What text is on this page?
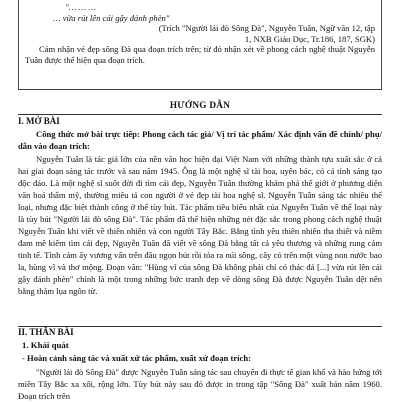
"… … …
… vừa rút lên cái gậy đánh phèn"
(Trích "Người lái đò Sông Đà", Nguyễn Tuân, Ngữ văn 12, tập
1, NXB Giáo Dục, Tr.186, 187, SGK)
Cảm nhận vẻ đẹp sông Đà qua đoạn trích trên; từ đó nhận xét về phong cách nghệ thuật Nguyễn Tuân được thể hiện qua đoạn trích.
HƯỚNG DẪN
I. MỞ BÀI
Công thức mở bài trực tiếp: Phong cách tác giả/ Vị trí tác phẩm/ Xác định vấn đề chính/ phụ/ dẫn vào đoạn trích:
Nguyễn Tuân là tác giả lớn của nền văn học hiện đại Việt Nam với những thành tựu xuất sắc ở cả hai giai đoạn sáng tác trước và sau năm 1945. Ông là một nghệ sĩ tài hoa, uyên bác, có cá tính sáng tạo độc đáo. Là một nghệ sĩ suốt đời đi tìm cái đẹp, Nguyễn Tuân thường khám phá thế giới ở phương diện văn hoá thẩm mỹ, thường miêu tả con người ở vẻ đẹp tài hoa nghệ sĩ. Nguyễn Tuân sáng tác nhiều thể loại, nhưng đặc biệt thành công ở thể tùy bút. Tác phẩm tiêu biểu nhất của Nguyễn Tuân về thể loại này là tùy bút "Người lái đò sông Đà". Tác phẩm đã thể hiện những nét đặc sắc trong phong cách nghệ thuật Nguyễn Tuân khi viết về thiên nhiên và con người Tây Bắc. Bằng tình yêu thiên nhiên tha thiết và niềm đam mê kiếm tìm cái đẹp, Nguyễn Tuân đã viết về sông Đà bằng tất cả yêu thương và những rung cảm tinh tế. Tình cảm ấy vương vấn trên đầu ngọn bút rồi tỏa ra núi sông, cây cỏ trên một vùng non nước bao la, hùng vĩ và thơ mộng. Đoạn văn: "Hùng vĩ của sông Đà không phải chỉ có thác đá [...] vừa rút lên cái gậy đánh phèn" chính là một trong những bức tranh đẹp về dòng sông Đà được Nguyễn Tuân dệt nên bằng thảm lụa ngôn từ.
II. THÂN BÀI
1. Khái quát
- Hoàn cảnh sáng tác và xuất xứ tác phẩm, xuất xứ đoạn trích:
"Người lái đò Sông Đà" được Nguyễn Tuân sáng tác sau chuyến đi thực tế gian khổ và hào hứng tới miền Tây Bắc xa xôi, rộng lớn. Tùy bút này sau đó được in trong tập "Sông Đà" xuất bản năm 1960. Đoạn trích trên
